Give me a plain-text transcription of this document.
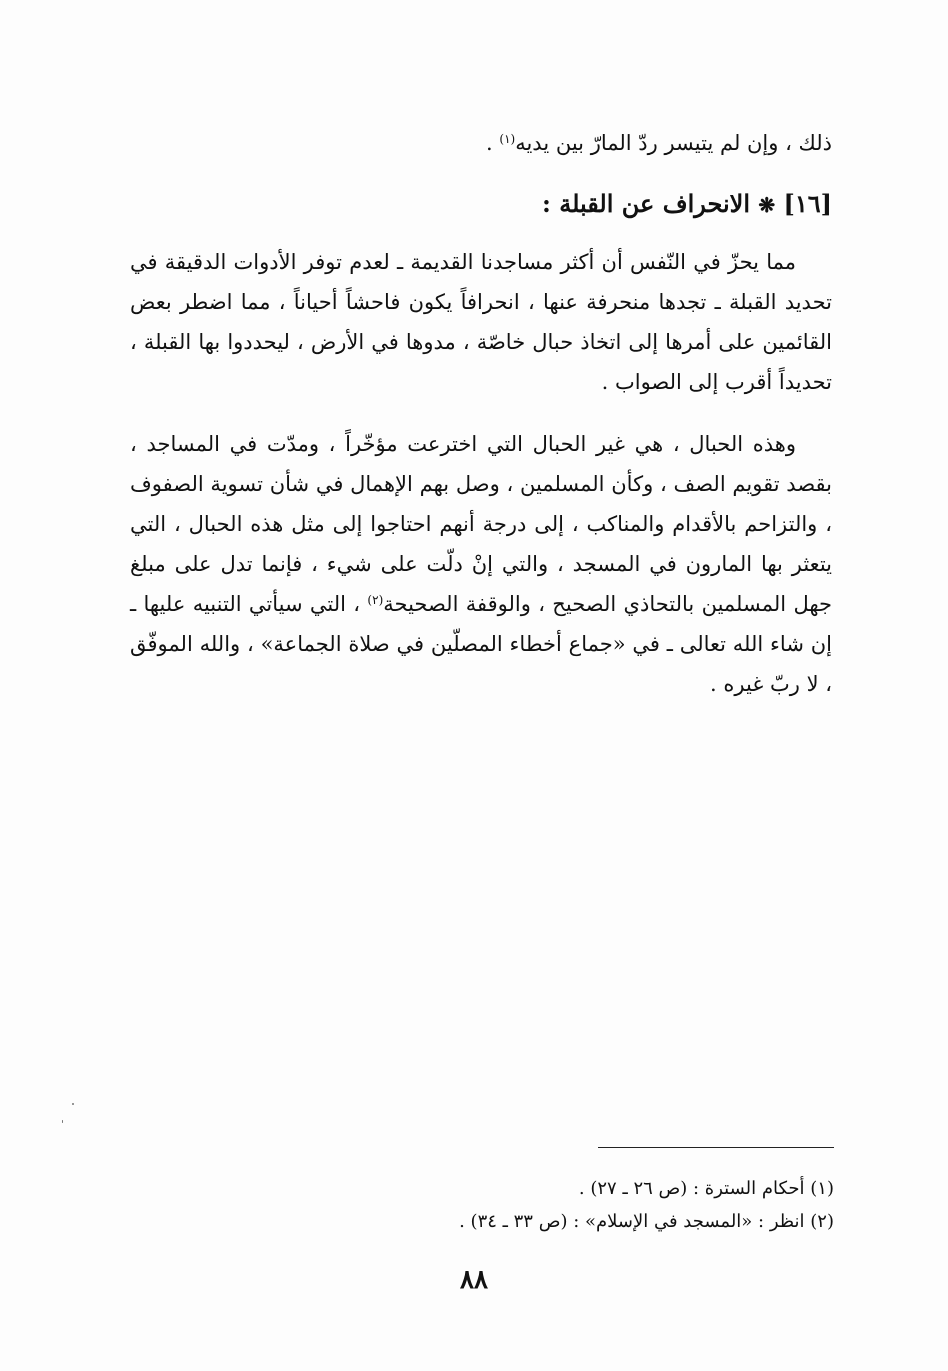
ذلك ، وإن لم يتيسر ردّ المارّ بين يديه$^{(١)}$ .
[١٦] ❋ الانحراف عن القبلة :

مما يحزّ في النّفس أن أكثر مساجدنا القديمة ـ لعدم توفر الأدوات الدقيقة في تحديد القبلة ـ تجدها منحرفة عنها ، انحرافاً يكون فاحشاً أحياناً ، مما اضطر بعض القائمين على أمرها إلى اتخاذ حبال خاصّة ، مدوها في الأرض ، ليحددوا بها القبلة ، تحديداً أقرب إلى الصواب .

وهذه الحبال ، هي غير الحبال التي اخترعت مؤخّراً ، ومدّت في المساجد ، بقصد تقويم الصف ، وكأن المسلمين ، وصل بهم الإهمال في شأن تسوية الصفوف ، والتزاحم بالأقدام والمناكب ، إلى درجة أنهم احتاجوا إلى مثل هذه الحبال ، التي يتعثر بها المارون في المسجد ، والتي إنْ دلّت على شيء ، فإنما تدل على مبلغ جهل المسلمين بالتحاذي الصحيح ، والوقفة الصحيحة$^{(٢)}$ ، التي سيأتي التنبيه عليها ـ إن شاء الله تعالى ـ في «جماع أخطاء المصلّين في صلاة الجماعة» ، والله الموفّق ، لا ربّ غيره .

(١) أحكام السترة : (ص ٢٦ ـ ٢٧) .

(٢) انظر : «المسجد في الإسلام» : (ص ٣٣ ـ ٣٤) .

٨٨
